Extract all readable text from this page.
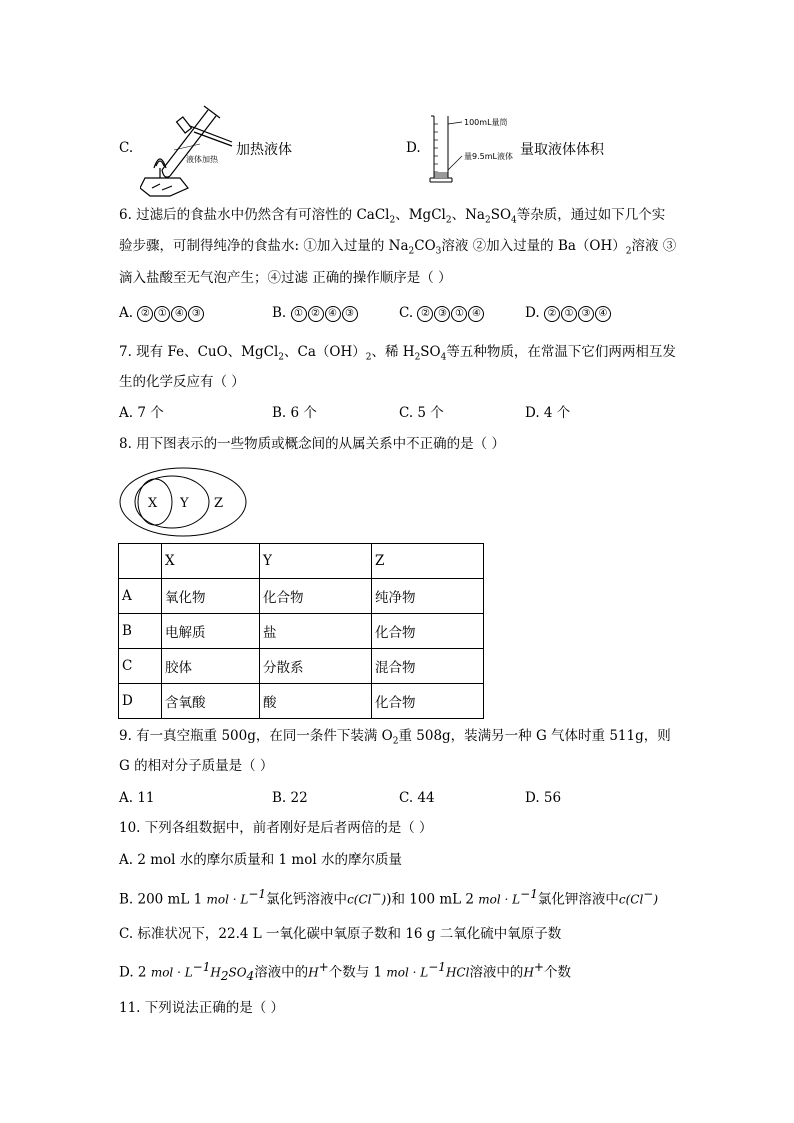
C.
液体加热
加热液体	D.
100mL量筒
量9.5mL液体 量取液体体积
6. 过滤后的食盐水中仍然含有可溶性的 CaCl$_2$、MgCl$_2$、$Na_2SO_4$等杂质，通过如下几个实
验步骤，可制得纯净的食盐水: ①加入过量的 $Na_2CO_3$溶液 ②加入过量的 $Ba(OH)_2$溶液 ③
滴入盐酸至无气泡产生；④过滤 正确的操作顺序是（ ）
A. ② ① ④ ③	B. ① ② ④ ③	C. ② ③ ① ④	D. ② ① ③ ④
7. 现有 Fe、CuO、MgCl$_2$、$Ca(OH)_2$、稀 $H_2SO_4$等五种物质，在常温下它们两两相互发
生的化学反应有（ ）
A. 7 个	B. 6 个	C. 5 个	D. 4 个
8. 用下图表示的一些物质或概念间的从属关系中不正确的是（ ）
X Y Z
	X	Y	Z
A	氧化物	化合物	纯净物
B	电解质	盐	化合物
C	胶体	分散系	混合物
D	含氧酸	酸	化合物
9. 有一真空瓶重 500g，在同一条件下装满 $O_2$重 508g，装满另一种 G 气体时重 511g，则
G 的相对分子质量是（ ）
A. 11	B. 22	C. 44	D. 56
10. 下列各组数据中，前者刚好是后者两倍的是（ ）
A. 2 mol 水的摩尔质量和 1 mol 水的摩尔质量
B. 200 mL 1 mol · $L^{-1}$氯化钙溶液中c(Cl−))和 100 mL 2 mol · $L^{-1}$氯化钾溶液中c(Cl−)
C. 标准状况下，22.4 L 一氧化碳中氧原子数和 16 g 二氧化硫中氧原子数
D. 2 mol · $L^{-1}H_2SO_4$溶液中的H+个数与 1 mol · $L^{-1}HCl$溶液中的H+个数
11. 下列说法正确的是（ ）
